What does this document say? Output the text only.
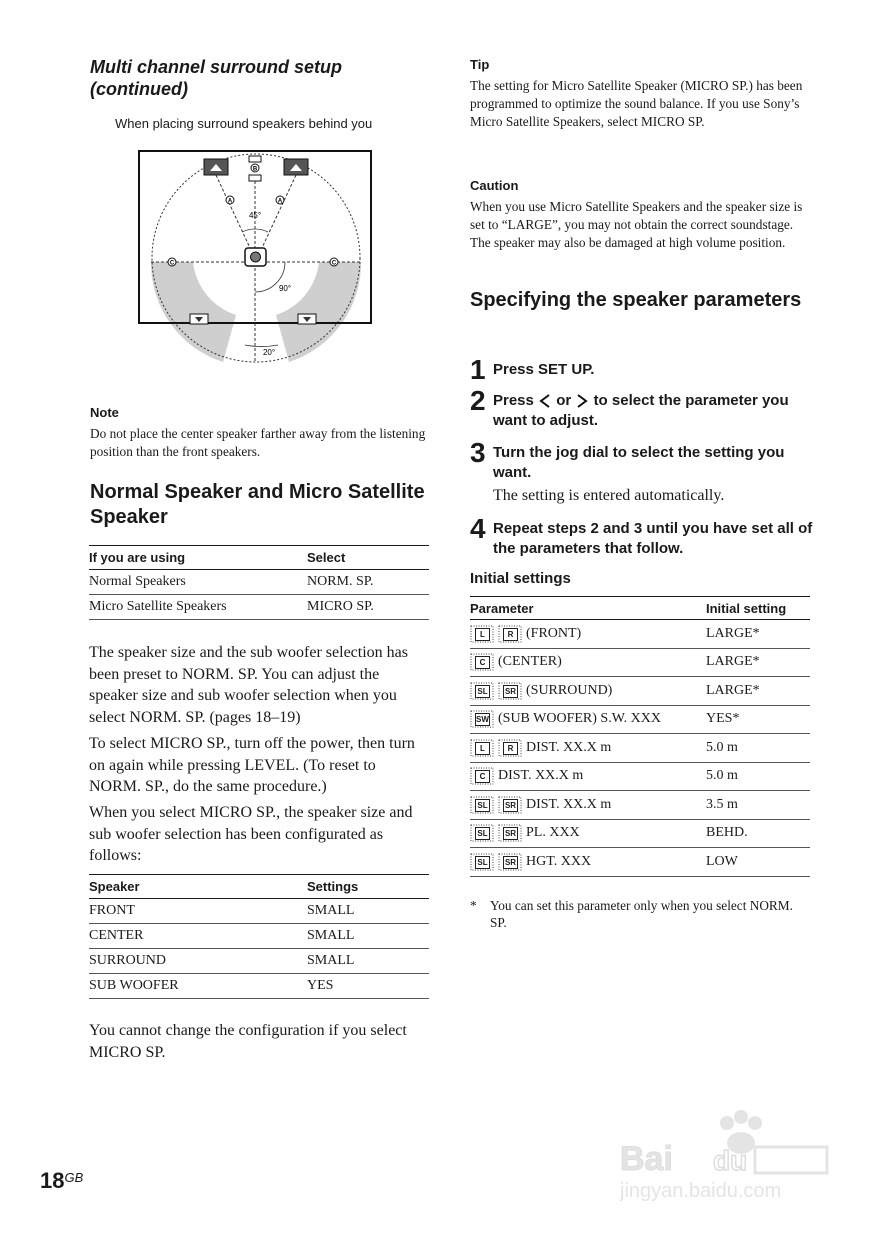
Multi channel surround setup (continued)
When placing surround speakers behind you
B
A	A
C	C
45°
90°
20°
Note
Do not place the center speaker farther away from the listening position than the front speakers.
Normal Speaker and Micro Satellite Speaker
If you are using	Select
Normal Speakers	NORM. SP.
Micro Satellite Speakers	MICRO SP.
The speaker size and the sub woofer selection has been preset to NORM. SP. You can adjust the speaker size and sub woofer selection when you select NORM. SP. (pages 18–19)
To select MICRO SP., turn off the power, then turn on again while pressing LEVEL. (To reset to NORM. SP., do the same procedure.)
When you select MICRO SP., the speaker size and sub woofer selection has been configurated as follows:
Speaker	Settings
FRONT	SMALL
CENTER	SMALL
SURROUND	SMALL
SUB WOOFER	YES
You cannot change the configuration if you select MICRO SP.
$18^{GB}$
Tip
The setting for Micro Satellite Speaker (MICRO SP.) has been programmed to optimize the sound balance. If you use Sony’s Micro Satellite Speakers, select MICRO SP.
Caution
When you use Micro Satellite Speakers and the speaker size is set to “LARGE”, you may not obtain the correct soundstage. The speaker may also be damaged at high volume position.
Specifying the speaker parameters
1 Press SET UP.
2 Press or to select the parameter you want to adjust.
3 Turn the jog dial to select the setting you want.
The setting is entered automatically.
4 Repeat steps 2 and 3 until you have set all of the parameters that follow.
Initial settings
Parameter	Initial setting

L R (FRONT)	LARGE*

C (CENTER)	LARGE*

SL SR (SURROUND)	LARGE*

SW (SUB WOOFER) S.W. XXX	YES*

L R DIST. XX.X m	5.0 m

C DIST. XX.X m	5.0 m

SL SR DIST. XX.X m	3.5 m

SL SR PL. XXX	BEHD.

SL SR HGT. XXX	LOW
* You can set this parameter only when you select NORM. SP.
Bai du
jingyan.baidu.com
